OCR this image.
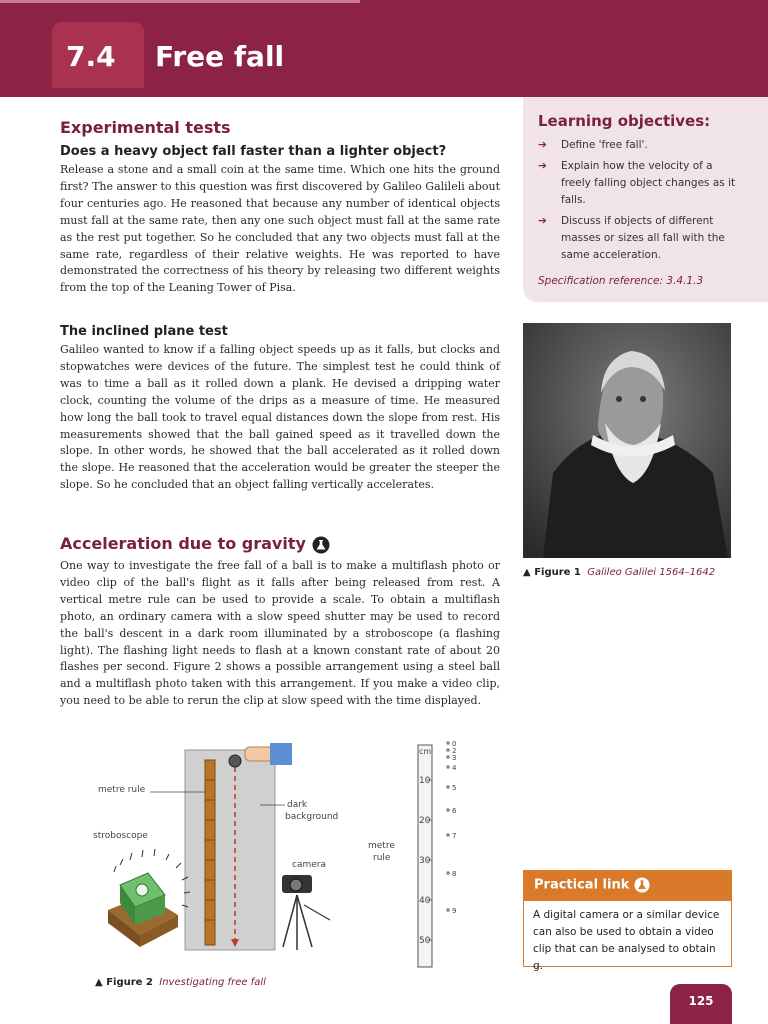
7.4 Free fall
Experimental tests
Does a heavy object fall faster than a lighter object?
Release a stone and a small coin at the same time. Which one hits the ground first? The answer to this question was first discovered by Galileo Galileli about four centuries ago. He reasoned that because any number of identical objects must fall at the same rate, then any one such object must fall at the same rate as the rest put together. So he concluded that any two objects must fall at the same rate, regardless of their relative weights. He was reported to have demonstrated the correctness of his theory by releasing two different weights from the top of the Leaning Tower of Pisa.
The inclined plane test
Galileo wanted to know if a falling object speeds up as it falls, but clocks and stopwatches were devices of the future. The simplest test he could think of was to time a ball as it rolled down a plank. He devised a dripping water clock, counting the volume of the drips as a measure of time. He measured how long the ball took to travel equal distances down the slope from rest. His measurements showed that the ball gained speed as it travelled down the slope. In other words, he showed that the ball accelerated as it rolled down the slope. He reasoned that the acceleration would be greater the steeper the slope. So he concluded that an object falling vertically accelerates.
Acceleration due to gravity
One way to investigate the free fall of a ball is to make a multiflash photo or video clip of the ball's flight as it falls after being released from rest. A vertical metre rule can be used to provide a scale. To obtain a multiflash photo, an ordinary camera with a slow speed shutter may be used to record the ball's descent in a dark room illuminated by a stroboscope (a flashing light). The flashing light needs to flash at a known constant rate of about 20 flashes per second. Figure 2 shows a possible arrangement using a steel ball and a multiflash photo taken with this arrangement. If you make a video clip, you need to be able to rerun the clip at slow speed with the time displayed.
Learning objectives:
➔ Define 'free fall'.
➔ Explain how the velocity of a freely falling object changes as it falls.
➔ Discuss if objects of different masses or sizes all fall with the same acceleration.
Specification reference: 3.4.1.3
▲ Figure 1 Galileo Galilei 1564–1642
metre rule
dark
background
stroboscope
camera
metre
rule
cm
10
20
30
40
50
0
2
3
4
5
6
7
8
9
▲ Figure 2 Investigating free fall
Practical link
A digital camera or a similar device can also be used to obtain a video clip that can be analysed to obtain g.
125
